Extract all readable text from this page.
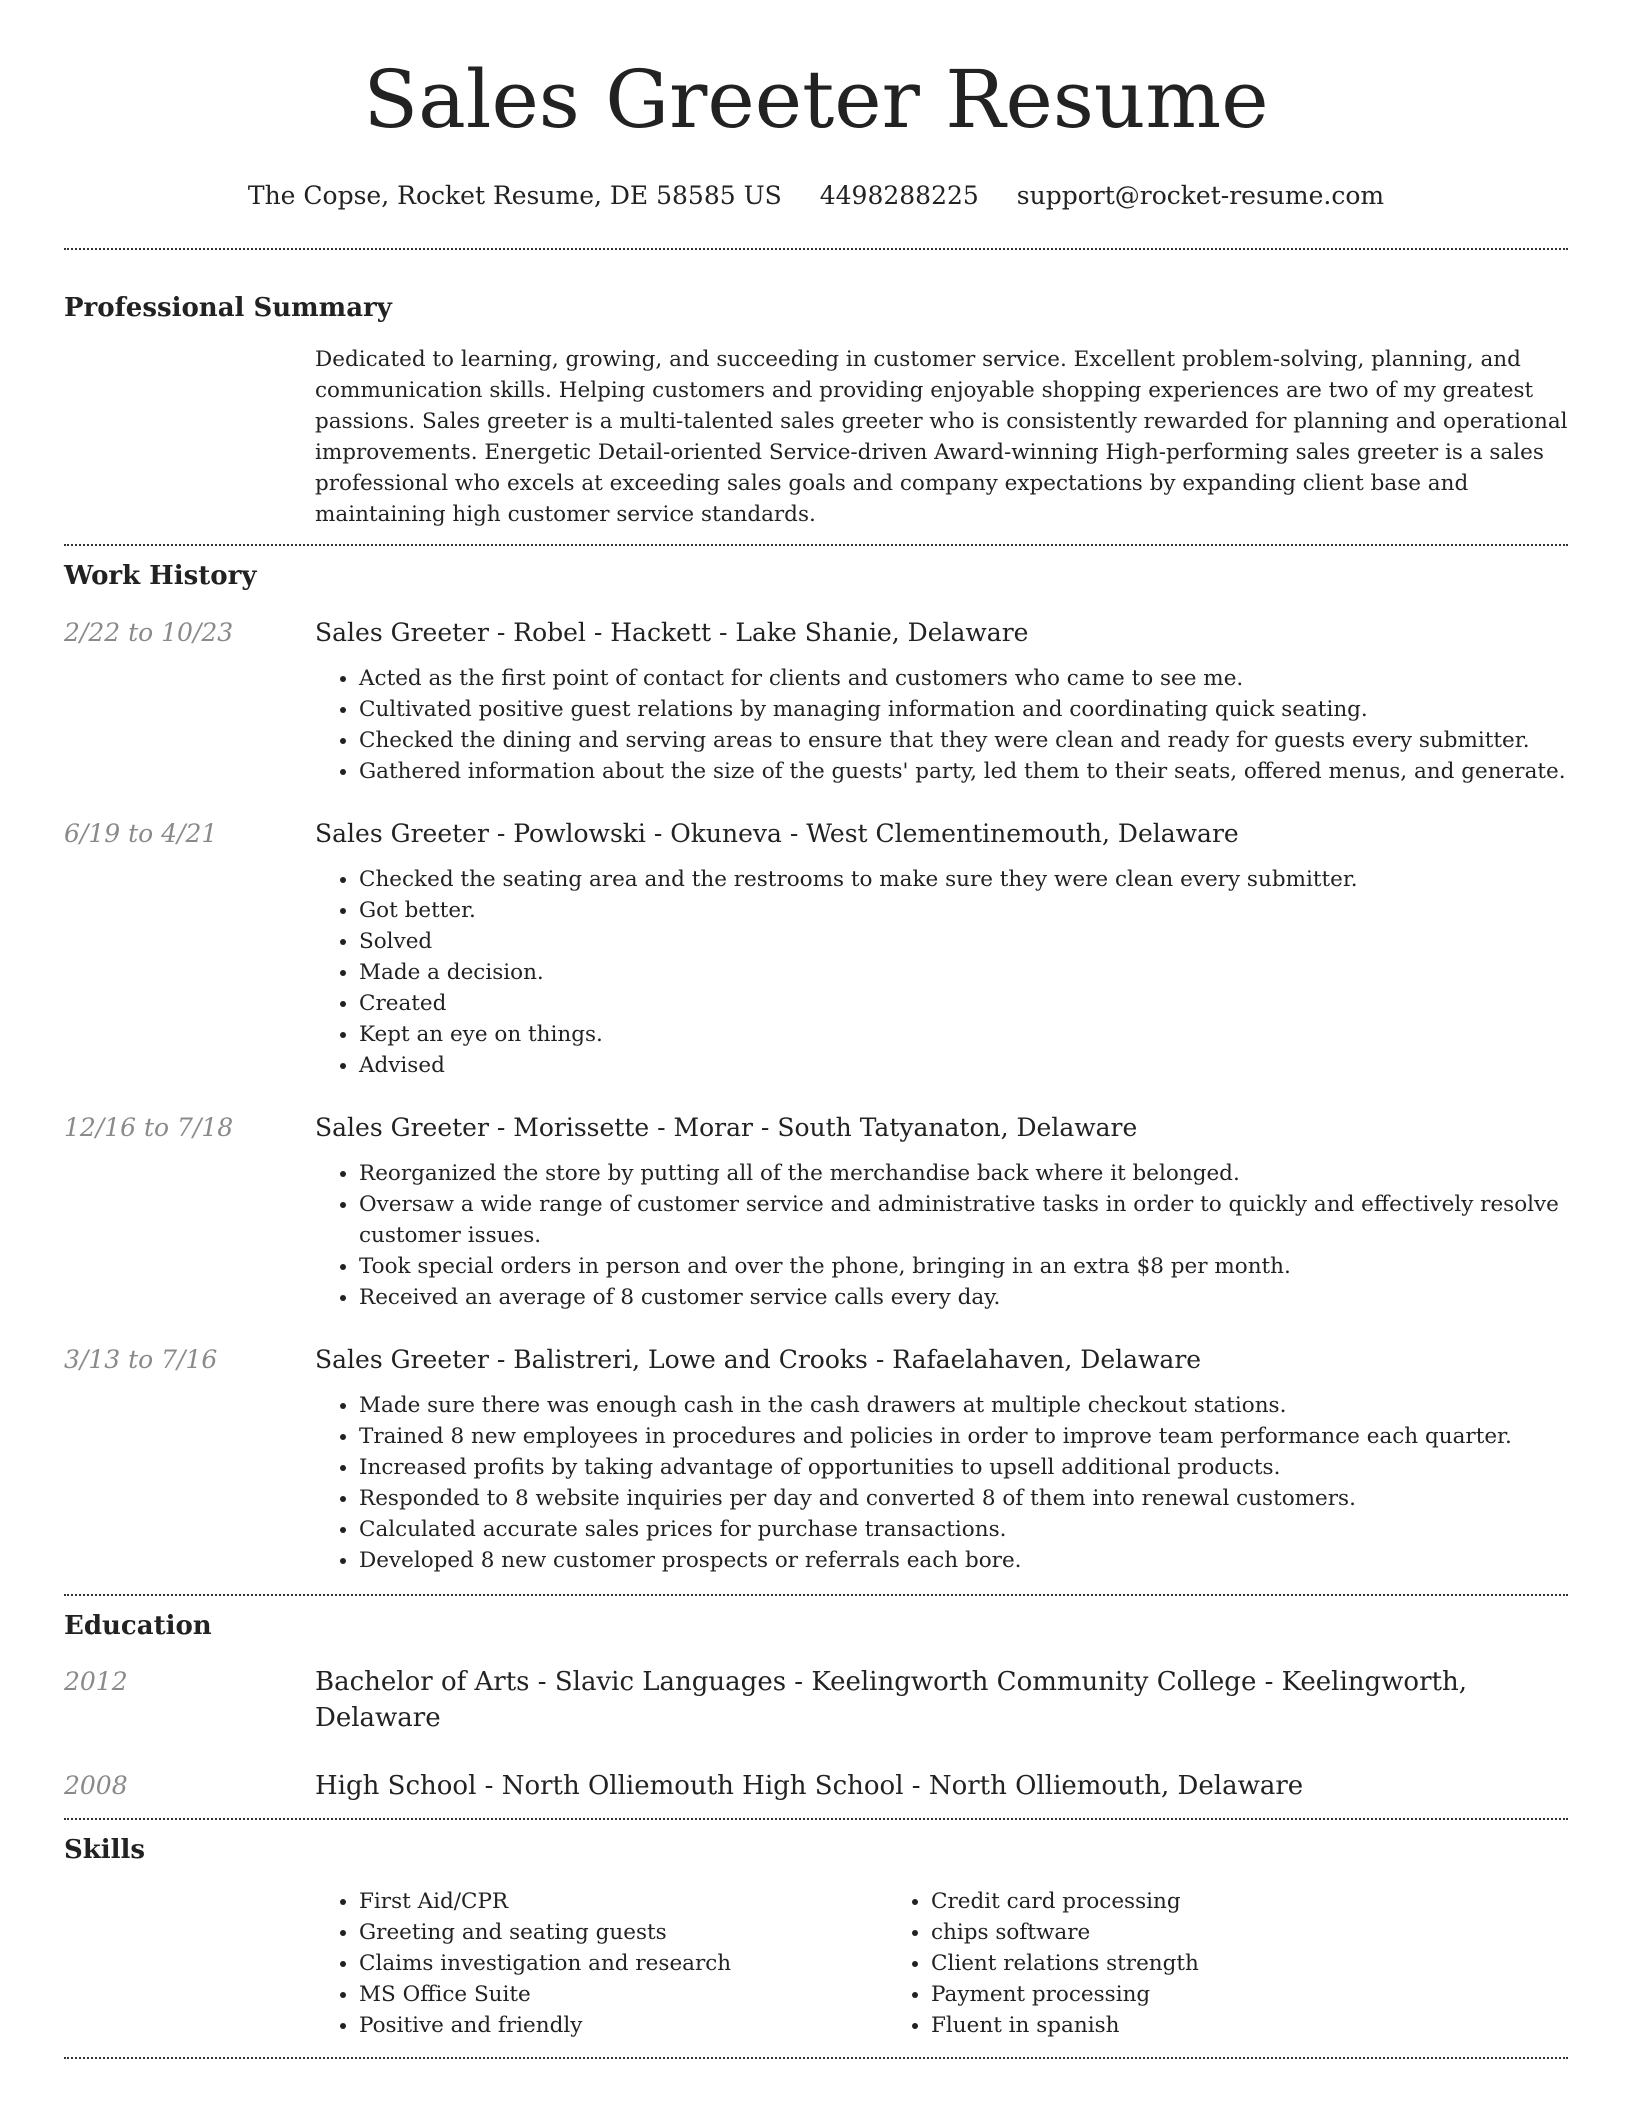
Sales Greeter Resume
The Copse, Rocket Resume, DE 58585 US 4498288225 support@rocket-resume.com
Professional Summary

Dedicated to learning, growing, and succeeding in customer service. Excellent problem-solving, planning, and communication skills. Helping customers and providing enjoyable shopping experiences are two of my greatest passions. Sales greeter is a multi-talented sales greeter who is consistently rewarded for planning and operational improvements. Energetic Detail-oriented Service-driven Award-winning High-performing sales greeter is a sales professional who excels at exceeding sales goals and company expectations by expanding client base and maintaining high customer service standards.

Work History
2/22 to 10/23	Sales Greeter - Robel - Hackett - Lake Shanie, Delaware
• Acted as the first point of contact for clients and customers who came to see me.
• Cultivated positive guest relations by managing information and coordinating quick seating.
• Checked the dining and serving areas to ensure that they were clean and ready for guests every submitter.
• Gathered information about the size of the guests' party, led them to their seats, offered menus, and generate.
6/19 to 4/21	Sales Greeter - Powlowski - Okuneva - West Clementinemouth, Delaware
• Checked the seating area and the restrooms to make sure they were clean every submitter.
• Got better.
• Solved
• Made a decision.
• Created
• Kept an eye on things.
• Advised
12/16 to 7/18	Sales Greeter - Morissette - Morar - South Tatyanaton, Delaware
• Reorganized the store by putting all of the merchandise back where it belonged.
• Oversaw a wide range of customer service and administrative tasks in order to quickly and effectively resolve customer issues.
• Took special orders in person and over the phone, bringing in an extra $8 per month.
• Received an average of 8 customer service calls every day.
3/13 to 7/16	Sales Greeter - Balistreri, Lowe and Crooks - Rafaelahaven, Delaware
• Made sure there was enough cash in the cash drawers at multiple checkout stations.
• Trained 8 new employees in procedures and policies in order to improve team performance each quarter.
• Increased profits by taking advantage of opportunities to upsell additional products.
• Responded to 8 website inquiries per day and converted 8 of them into renewal customers.
• Calculated accurate sales prices for purchase transactions.
• Developed 8 new customer prospects or referrals each bore.
Education
2012	Bachelor of Arts - Slavic Languages - Keelingworth Community College - Keelingworth, Delaware
2008	High School - North Olliemouth High School - North Olliemouth, Delaware
Skills
• First Aid/CPR
• Greeting and seating guests
• Claims investigation and research
• MS Office Suite
• Positive and friendly
• Credit card processing
• chips software
• Client relations strength
• Payment processing
• Fluent in spanish
